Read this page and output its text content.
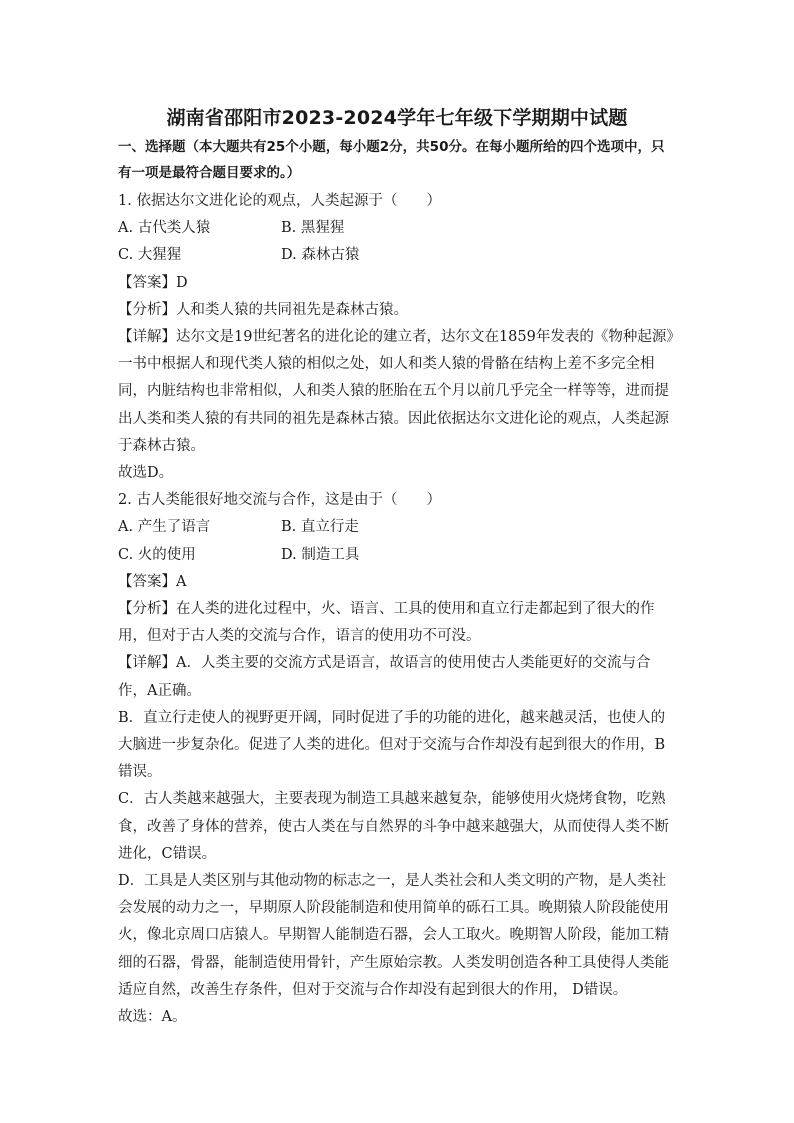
湖南省邵阳市2023-2024学年七年级下学期期中试题
一、选择题（本大题共有25个小题，每小题2分，共50分。在每小题所给的四个选项中，只有一项是最符合题目要求的。）

1. 依据达尔文进化论的观点，人类起源于（　　）

A. 古代类人猿	B. 黑猩猩
C. 大猩猩	D. 森林古猿

【答案】D

【分析】人和类人猿的共同祖先是森林古猿。

【详解】达尔文是19世纪著名的进化论的建立者，达尔文在1859年发表的《物种起源》一书中根据人和现代类人猿的相似之处，如人和类人猿的骨骼在结构上差不多完全相同，内脏结构也非常相似，人和类人猿的胚胎在五个月以前几乎完全一样等等，进而提出人类和类人猿的有共同的祖先是森林古猿。因此依据达尔文进化论的观点，人类起源于森林古猿。

故选D。

2. 古人类能很好地交流与合作，这是由于（　　）

A. 产生了语言	B. 直立行走
C. 火的使用	D. 制造工具

【答案】A

【分析】在人类的进化过程中，火、语言、工具的使用和直立行走都起到了很大的作用，但对于古人类的交流与合作，语言的使用功不可没。

【详解】A．人类主要的交流方式是语言，故语言的使用使古人类能更好的交流与合作，A正确。

B．直立行走使人的视野更开阔，同时促进了手的功能的进化，越来越灵活，也使人的大脑进一步复杂化。促进了人类的进化。但对于交流与合作却没有起到很大的作用，B错误。

C．古人类越来越强大，主要表现为制造工具越来越复杂，能够使用火烧烤食物，吃熟食，改善了身体的营养，使古人类在与自然界的斗争中越来越强大，从而使得人类不断进化，C错误。

D．工具是人类区别与其他动物的标志之一，是人类社会和人类文明的产物，是人类社会发展的动力之一，早期原人阶段能制造和使用简单的砾石工具。晚期猿人阶段能使用火，像北京周口店猿人。早期智人能制造石器，会人工取火。晚期智人阶段，能加工精细的石器，骨器，能制造使用骨针，产生原始宗教。人类发明创造各种工具使得人类能适应自然，改善生存条件，但对于交流与合作却没有起到很大的作用， D错误。

故选：A。
